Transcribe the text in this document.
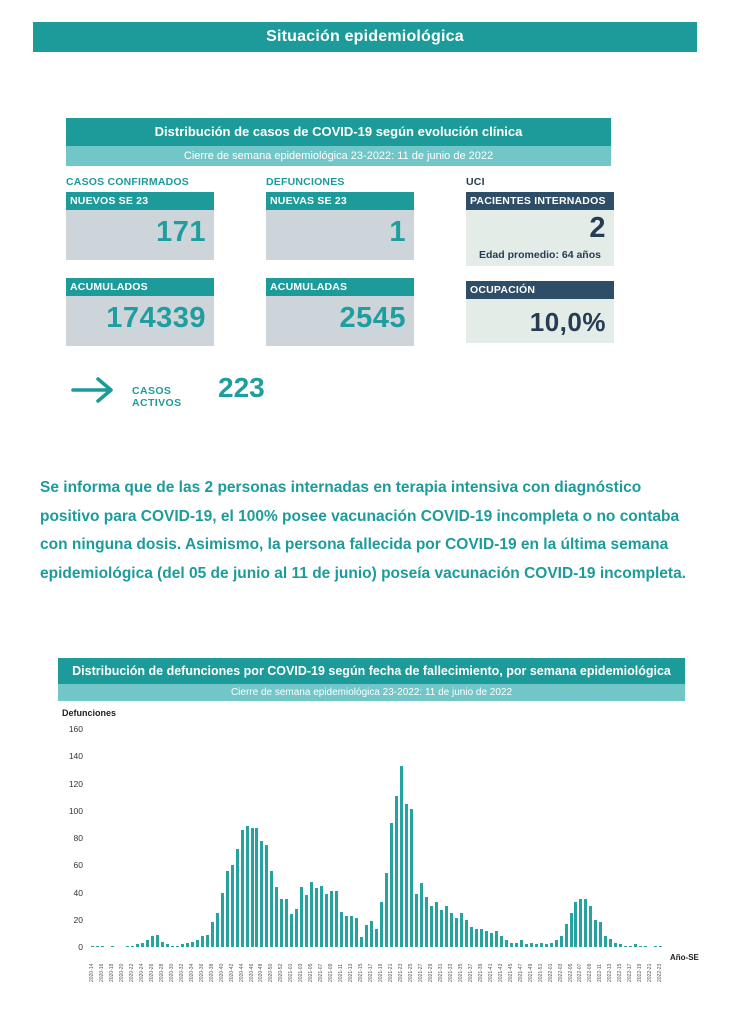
Situación epidemiológica
Distribución de casos de COVID-19 según evolución clínica
Cierre de semana epidemiológica 23-2022: 11 de junio de 2022
CASOS CONFIRMADOS
NUEVOS SE 23
171
ACUMULADOS
174339
DEFUNCIONES
NUEVAS SE 23
1
ACUMULADAS
2545
UCI
PACIENTES INTERNADOS
2
Edad promedio: 64 años
OCUPACIÓN
10,0%
CASOS ACTIVOS 223

Se informa que de las 2 personas internadas en terapia intensiva con diagnóstico positivo para COVID-19, el 100% posee vacunación COVID-19 incompleta o no contaba con ninguna dosis. Asimismo, la persona fallecida por COVID-19 en la última semana epidemiológica (del 05 de junio al 11 de junio) poseía vacunación COVID-19 incompleta.

Distribución de defunciones por COVID-19 según fecha de fallecimiento, por semana epidemiológica
Cierre de semana epidemiológica 23-2022: 11 de junio de 2022
Defunciones
160
140
120
100
80
60
40
20
0
2020-14 2020-16 2020-18 2020-20 2020-22 2020-24 2020-26 2020-28 2020-30 2020-32 2020-34 2020-36 2020-38 2020-40 2020-42 2020-44 2020-46 2020-48 2020-50 2020-52 2021-01 2021-03 2021-05 2021-07 2021-09 2021-11 2021-13 2021-15 2021-17 2021-19 2021-21 2021-23 2021-25 2021-27 2021-29 2021-31 2021-33 2021-35 2021-37 2021-39 2021-41 2021-43 2021-45 2021-47 2021-49 2021-51 2022-01 2022-03 2022-05 2022-07 2022-09 2022-11 2022-13 2022-15 2022-17 2022-19 2022-21 2022-23
Año-SE
